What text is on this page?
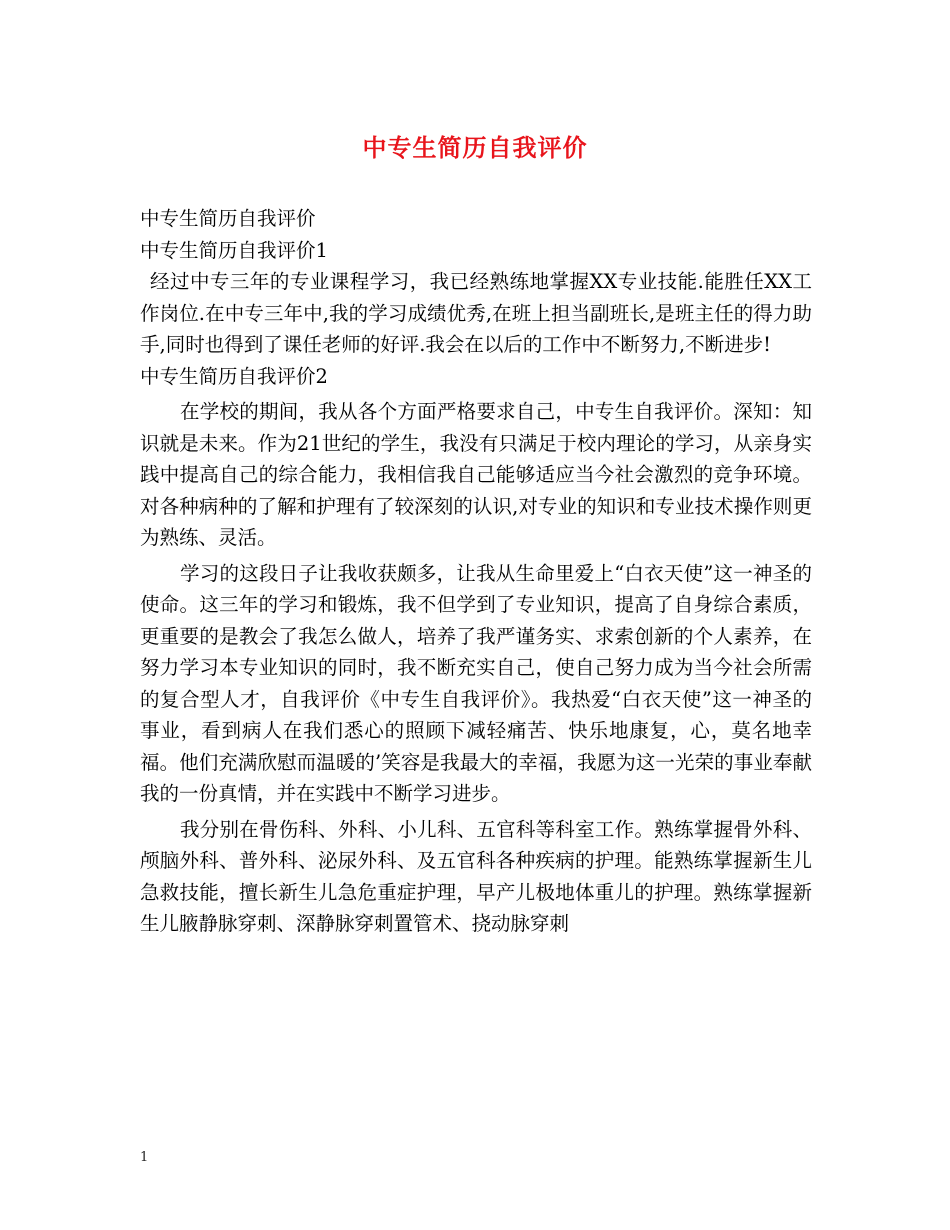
中专生简历自我评价
中专生简历自我评价
中专生简历自我评价1
经过中专三年的专业课程学习，我已经熟练地掌握XX专业技能.能胜任XX工作岗位.在中专三年中,我的学习成绩优秀,在班上担当副班长,是班主任的得力助手,同时也得到了课任老师的好评.我会在以后的工作中不断努力,不断进步!
中专生简历自我评价2
在学校的期间，我从各个方面严格要求自己，中专生自我评价。深知：知识就是未来。作为21世纪的学生，我没有只满足于校内理论的学习，从亲身实践中提高自己的综合能力，我相信我自己能够适应当今社会激烈的竞争环境。对各种病种的了解和护理有了较深刻的认识,对专业的知识和专业技术操作则更为熟练、灵活。
学习的这段日子让我收获颇多，让我从生命里爱上“白衣天使”这一神圣的使命。这三年的学习和锻炼，我不但学到了专业知识，提高了自身综合素质，更重要的是教会了我怎么做人，培养了我严谨务实、求索创新的个人素养，在努力学习本专业知识的同时，我不断充实自己，使自己努力成为当今社会所需的复合型人才，自我评价《中专生自我评价》。我热爱“白衣天使”这一神圣的事业，看到病人在我们悉心的照顾下减轻痛苦、快乐地康复，心，莫名地幸福。他们充满欣慰而温暖的’笑容是我最大的幸福，我愿为这一光荣的事业奉献我的一份真情，并在实践中不断学习进步。
我分别在骨伤科、外科、小儿科、五官科等科室工作。熟练掌握骨外科、颅脑外科、普外科、泌尿外科、及五官科各种疾病的护理。能熟练掌握新生儿急救技能，擅长新生儿急危重症护理，早产儿极地体重儿的护理。熟练掌握新生儿腋静脉穿刺、深静脉穿刺置管术、挠动脉穿刺
1
